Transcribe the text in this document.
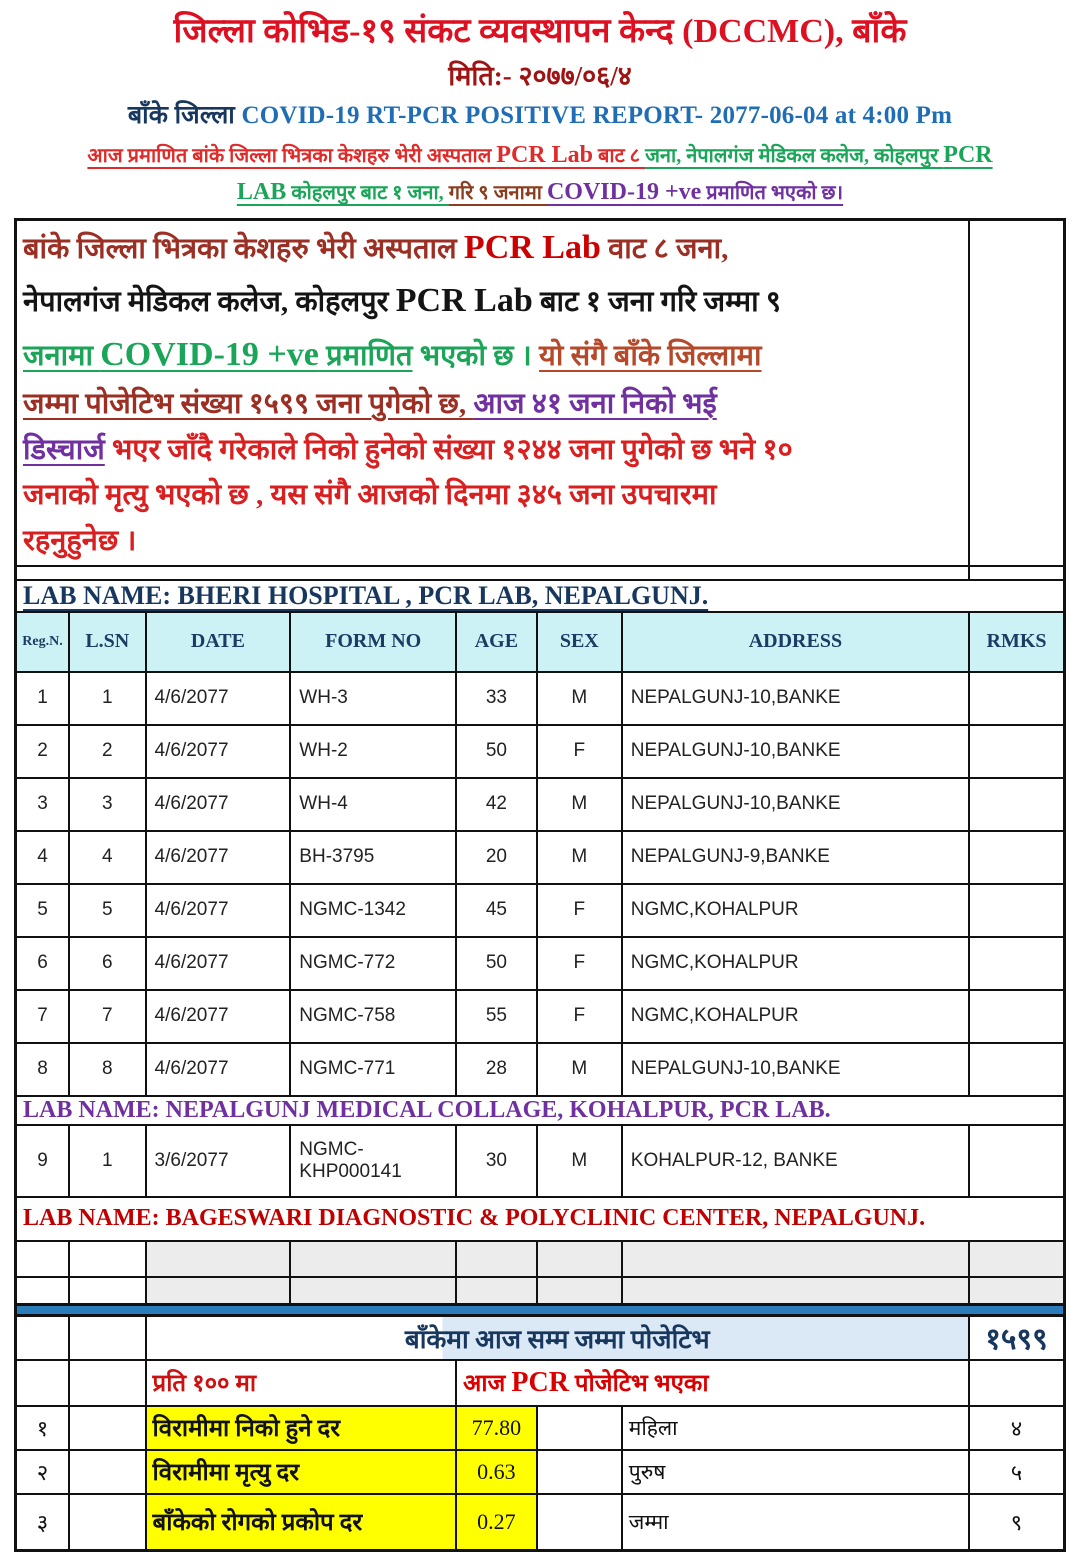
जिल्ला कोभिड-१९ संकट व्यवस्थापन केन्द (DCCMC), बाँके
मिति:- २०७७/०६/४
बाँके जिल्ला COVID-19 RT-PCR POSITIVE REPORT- 2077-06-04 at 4:00 Pm
आज प्रमाणित बांके जिल्ला भित्रका केशहरु भेरी अस्पताल PCR Lab बाट ८ जना, नेपालगंज मेडिकल कलेज, कोहलपुर PCR
LAB कोहलपुर बाट १ जना, गरि ९ जनामा COVID-19 +ve प्रमाणित भएको छ।
बांके जिल्ला भित्रका केशहरु भेरी अस्पताल PCR Lab वाट ८ जना,
नेपालगंज मेडिकल कलेज, कोहलपुर PCR Lab बाट १ जना गरि जम्मा ९
जनामा COVID-19 +ve प्रमाणित भएको छ । यो संगै बाँके जिल्लामा
जम्मा पोजेटिभ संख्या १५९९ जना पुगेको छ, आज ४१ जना निको भई
डिस्चार्ज भएर जाँदै गरेकाले निको हुनेको संख्या १२४४ जना पुगेको छ भने १०
जनाको मृत्यु भएको छ , यस संगै आजको दिनमा ३४५ जना उपचारमा
रहनुहुनेछ ।

LAB NAME: BHERI HOSPITAL , PCR LAB, NEPALGUNJ.							

Reg.N.	L.SN	DATE	FORM NO	AGE	SEX	ADDRESS	RMKS
1	1	4/6/2077	WH-3	33	M	NEPALGUNJ-10,BANKE	
2	2	4/6/2077	WH-2	50	F	NEPALGUNJ-10,BANKE	
3	3	4/6/2077	WH-4	42	M	NEPALGUNJ-10,BANKE	
4	4	4/6/2077	BH-3795	20	M	NEPALGUNJ-9,BANKE	
5	5	4/6/2077	NGMC-1342	45	F	NGMC,KOHALPUR	
6	6	4/6/2077	NGMC-772	50	F	NGMC,KOHALPUR	
7	7	4/6/2077	NGMC-758	55	F	NGMC,KOHALPUR	
8	8	4/6/2077	NGMC-771	28	M	NEPALGUNJ-10,BANKE	

LAB NAME: NEPALGUNJ MEDICAL COLLAGE, KOHALPUR, PCR LAB.							

9	1	3/6/2077	NGMC-KHP000141	30	M	KOHALPUR-12, BANKE	

LAB NAME: BAGESWARI DIAGNOSTIC & POLYCLINIC CENTER, NEPALGUNJ.							

		बाँकेमा आज सम्म जम्मा पोजेटिभ					१५९९
		प्रति १०० मा		आज PCR पोजेटिभ भएका			
१		विरामीमा निको हुने दर		77.80		महिला	४
२		विरामीमा मृत्यु दर		0.63		पुरुष	५
३		बाँकेको रोगको प्रकोप दर		0.27		जम्मा	९
